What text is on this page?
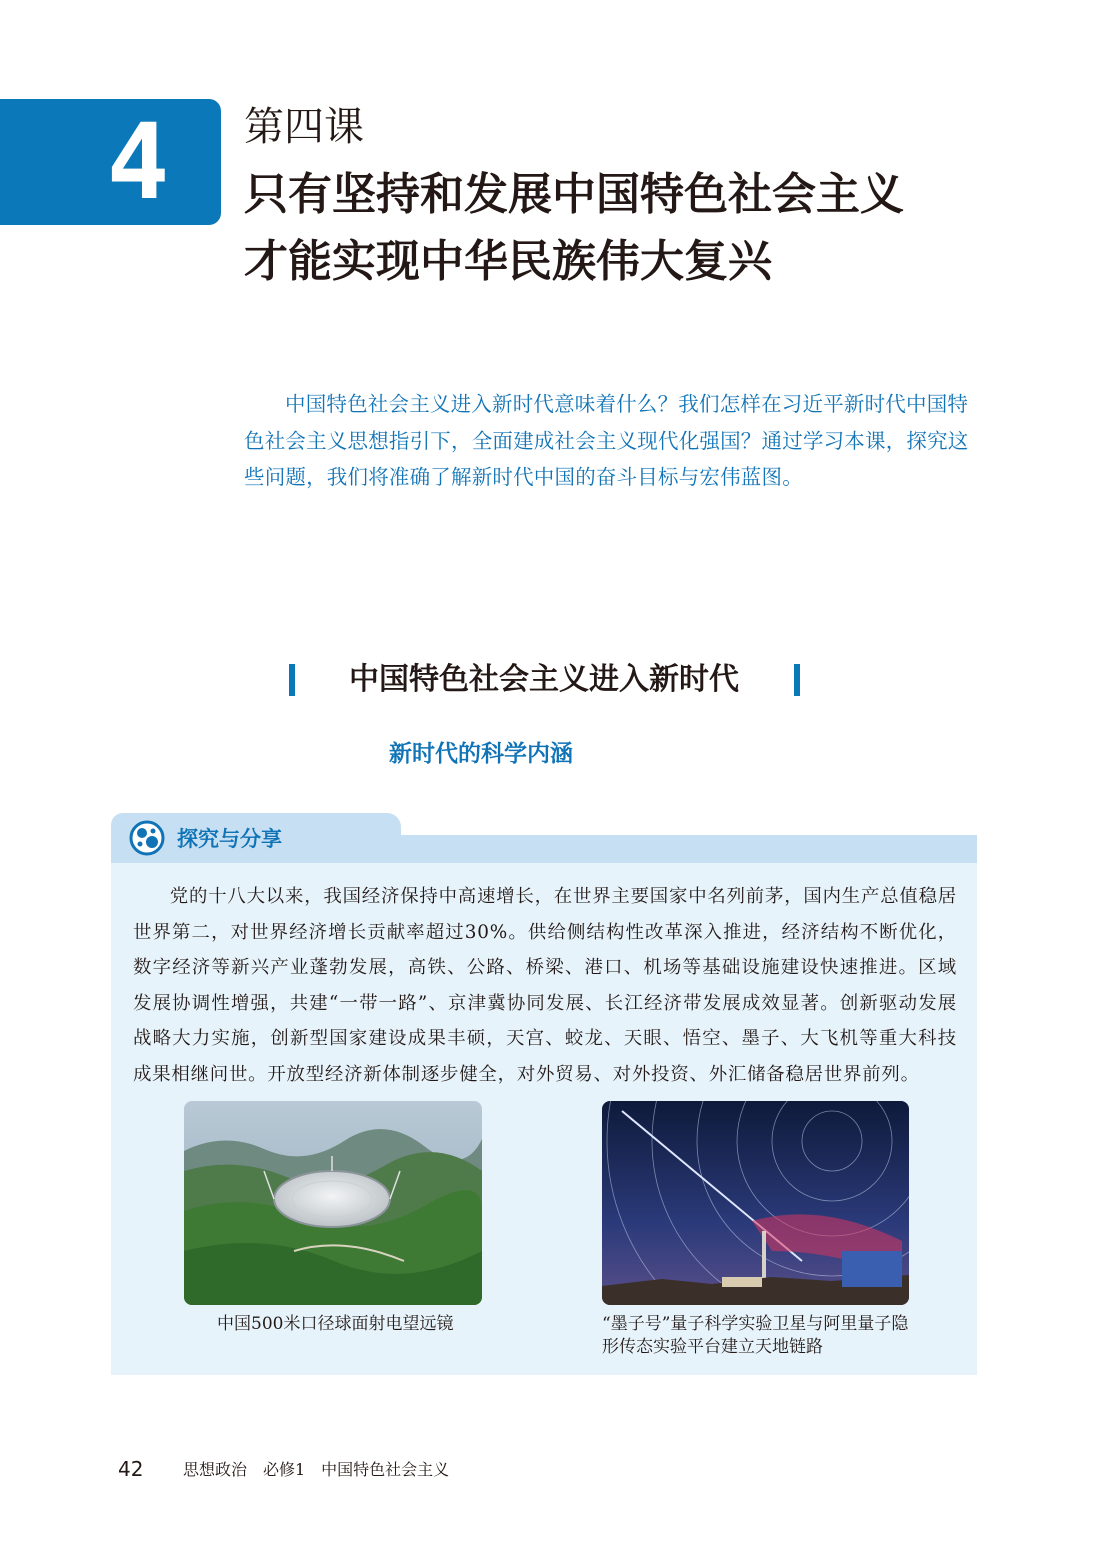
4	第四课
只有坚持和发展中国特色社会主义
才能实现中华民族伟大复兴

中国特色社会主义进入新时代意味着什么？我们怎样在习近平新时代中国特色社会主义思想指引下，全面建成社会主义现代化强国？通过学习本课，探究这些问题，我们将准确了解新时代中国的奋斗目标与宏伟蓝图。

中国特色社会主义进入新时代
新时代的科学内涵
探究与分享

党的十八大以来，我国经济保持中高速增长，在世界主要国家中名列前茅，国内生产总值稳居世界第二，对世界经济增长贡献率超过30%。供给侧结构性改革深入推进，经济结构不断优化，数字经济等新兴产业蓬勃发展，高铁、公路、桥梁、港口、机场等基础设施建设快速推进。区域发展协调性增强，共建“一带一路”、京津冀协同发展、长江经济带发展成效显著。创新驱动发展战略大力实施，创新型国家建设成果丰硕，天宫、蛟龙、天眼、悟空、墨子、大飞机等重大科技成果相继问世。开放型经济新体制逐步健全，对外贸易、对外投资、外汇储备稳居世界前列。

中国500米口径球面射电望远镜	“墨子号”量子科学实验卫星与阿里量子隐形传态实验平台建立天地链路
42 思想政治　必修1　中国特色社会主义
